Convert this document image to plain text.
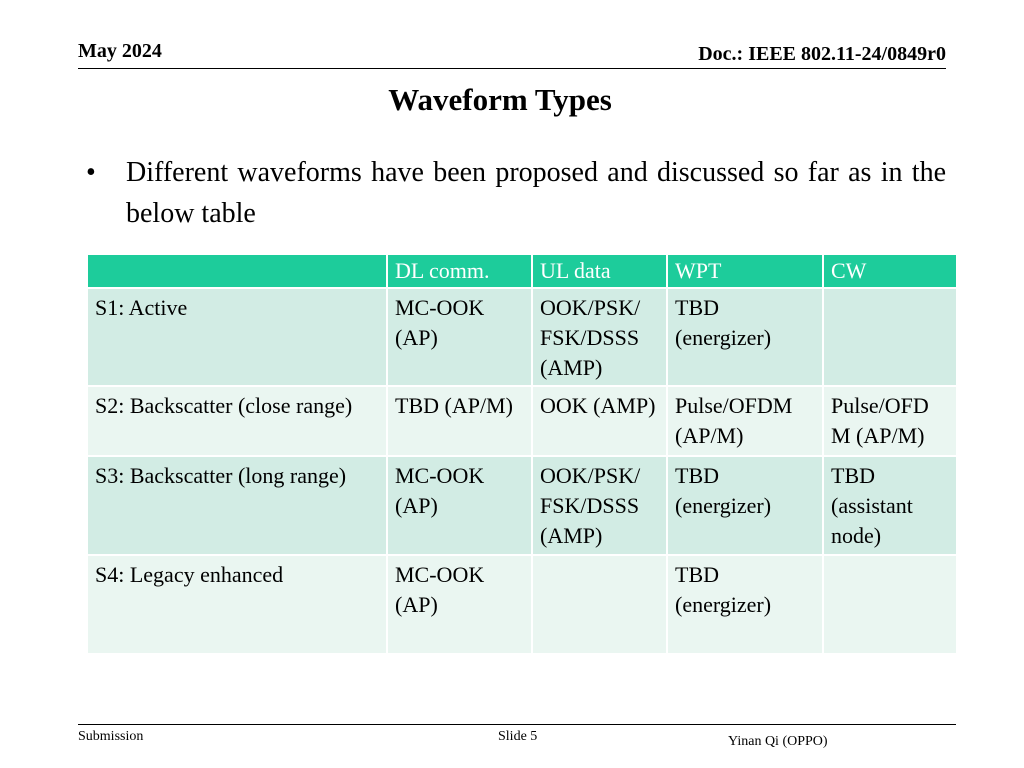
May 2024	Doc.: IEEE 802.11-24/0849r0
Waveform Types
• Different waveforms have been proposed and discussed so far as in the below table
	DL comm.	UL data	WPT	CW
S1: Active	MC-OOK (AP)	OOK/PSK/ FSK/DSSS (AMP)	TBD (energizer)	
S2: Backscatter (close range)	TBD (AP/M)	OOK (AMP)	Pulse/OFDM (AP/M)	Pulse/OFD M (AP/M)
S3: Backscatter (long range)	MC-OOK (AP)	OOK/PSK/ FSK/DSSS (AMP)	TBD (energizer)	TBD (assistant node)
S4: Legacy enhanced	MC-OOK (AP)		TBD (energizer)	
Submission	Slide 5	Yinan Qi (OPPO)
